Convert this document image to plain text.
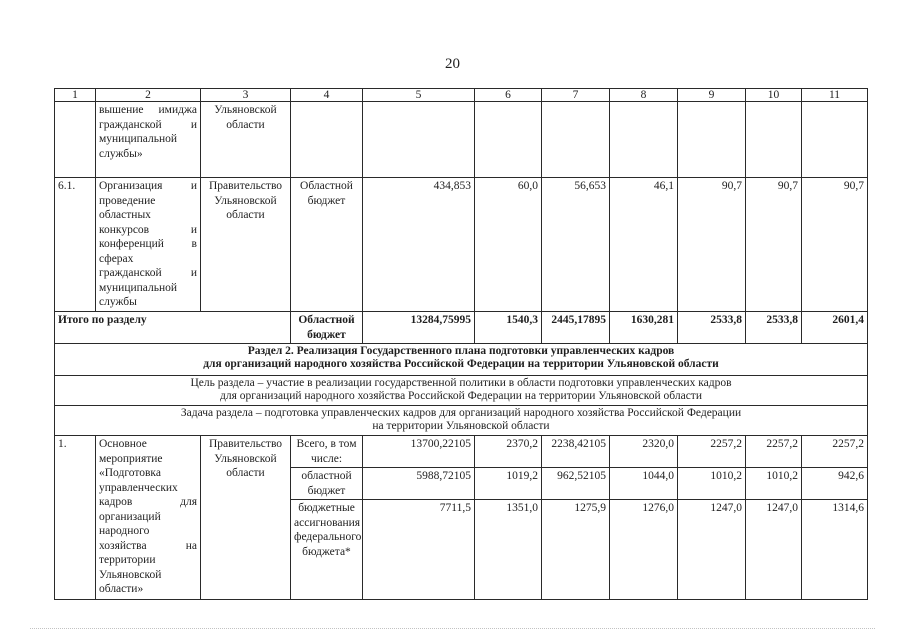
20
1	2	3	4	5	6	7	8	9	10	11
	вышение имиджа гражданской и муниципальной службы»	Ульяновской области								
6.1.	Организация и проведение областных конкурсов и конференций в сферах гражданской и муниципальной службы	Правительство Ульяновской области	Областной бюджет	434,853	60,0	56,653	46,1	90,7	90,7	90,7
Итого по разделу			Областной бюджет	13284,75995	1540,3	2445,17895	1630,281	2533,8	2533,8	2601,4

Раздел 2. Реализация Государственного плана подготовки управленческих кадров
для организаций народного хозяйства Российской Федерации на территории Ульяновской области										

Цель раздела – участие в реализации государственной политики в области подготовки управленческих кадров
для организаций народного хозяйства Российской Федерации на территории Ульяновской области										

Задача раздела – подготовка управленческих кадров для организаций народного хозяйства Российской Федерации
на территории Ульяновской области										

1.	Основное мероприятие «Подготовка управленческих кадров для организаций народного хозяйства на территории Ульяновской области»	Правительство Ульяновской области	Всего, в том числе:	13700,22105	2370,2	2238,42105	2320,0	2257,2	2257,2	2257,2
			областной бюджет	5988,72105	1019,2	962,52105	1044,0	1010,2	1010,2	942,6
			бюджетные ассигнования федерального бюджета*	7711,5	1351,0	1275,9	1276,0	1247,0	1247,0	1314,6
